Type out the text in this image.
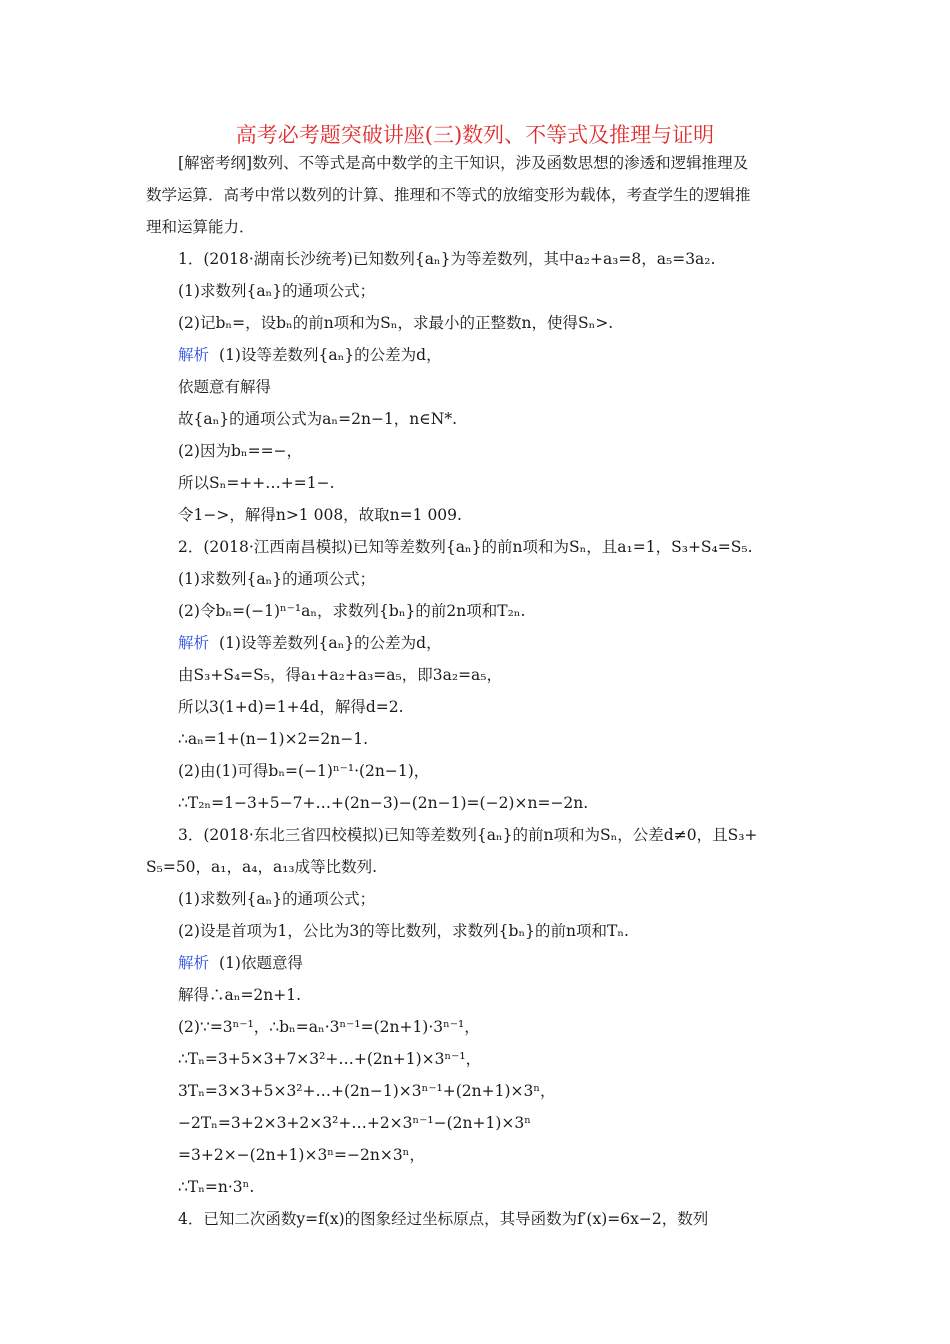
高考必考题突破讲座(三)数列、不等式及推理与证明
[解密考纲]数列、不等式是高中数学的主干知识，涉及函数思想的渗透和逻辑推理及
数学运算．高考中常以数列的计算、推理和不等式的放缩变形为载体，考查学生的逻辑推
理和运算能力．
1．(2018·湖南长沙统考)已知数列{aₙ}为等差数列，其中a₂+a₃=8，a₅=3a₂.
(1)求数列{aₙ}的通项公式；
(2)记bₙ=，设bₙ的前n项和为Sₙ，求最小的正整数n，使得Sₙ>.
解析 (1)设等差数列{aₙ}的公差为d，
依题意有解得
故{aₙ}的通项公式为aₙ=2n−1，n∈N*.
(2)因为bₙ==−，
所以Sₙ=++…+=1−.
令1−>，解得n>1 008，故取n=1 009.
2．(2018·江西南昌模拟)已知等差数列{aₙ}的前n项和为Sₙ，且a₁=1，S₃+S₄=S₅.
(1)求数列{aₙ}的通项公式；
(2)令bₙ=(−1)ⁿ⁻¹aₙ，求数列{bₙ}的前2n项和T₂ₙ.
解析 (1)设等差数列{aₙ}的公差为d，
由S₃+S₄=S₅，得a₁+a₂+a₃=a₅，即3a₂=a₅，
所以3(1+d)=1+4d，解得d=2.
∴aₙ=1+(n−1)×2=2n−1.
(2)由(1)可得bₙ=(−1)ⁿ⁻¹·(2n−1)，
∴T₂ₙ=1−3+5−7+…+(2n−3)−(2n−1)=(−2)×n=−2n.
3．(2018·东北三省四校模拟)已知等差数列{aₙ}的前n项和为Sₙ，公差d≠0，且S₃+
S₅=50，a₁，a₄，a₁₃成等比数列.
(1)求数列{aₙ}的通项公式；
(2)设是首项为1，公比为3的等比数列，求数列{bₙ}的前n项和Tₙ.
解析 (1)依题意得
解得∴aₙ=2n+1.
(2)∵=3ⁿ⁻¹，∴bₙ=aₙ·3ⁿ⁻¹=(2n+1)·3ⁿ⁻¹，
∴Tₙ=3+5×3+7×3²+…+(2n+1)×3ⁿ⁻¹，
3Tₙ=3×3+5×3²+…+(2n−1)×3ⁿ⁻¹+(2n+1)×3ⁿ，
−2Tₙ=3+2×3+2×3²+…+2×3ⁿ⁻¹−(2n+1)×3ⁿ
=3+2×−(2n+1)×3ⁿ=−2n×3ⁿ，
∴Tₙ=n·3ⁿ.
4．已知二次函数y=f(x)的图象经过坐标原点，其导函数为f′(x)=6x−2，数列
